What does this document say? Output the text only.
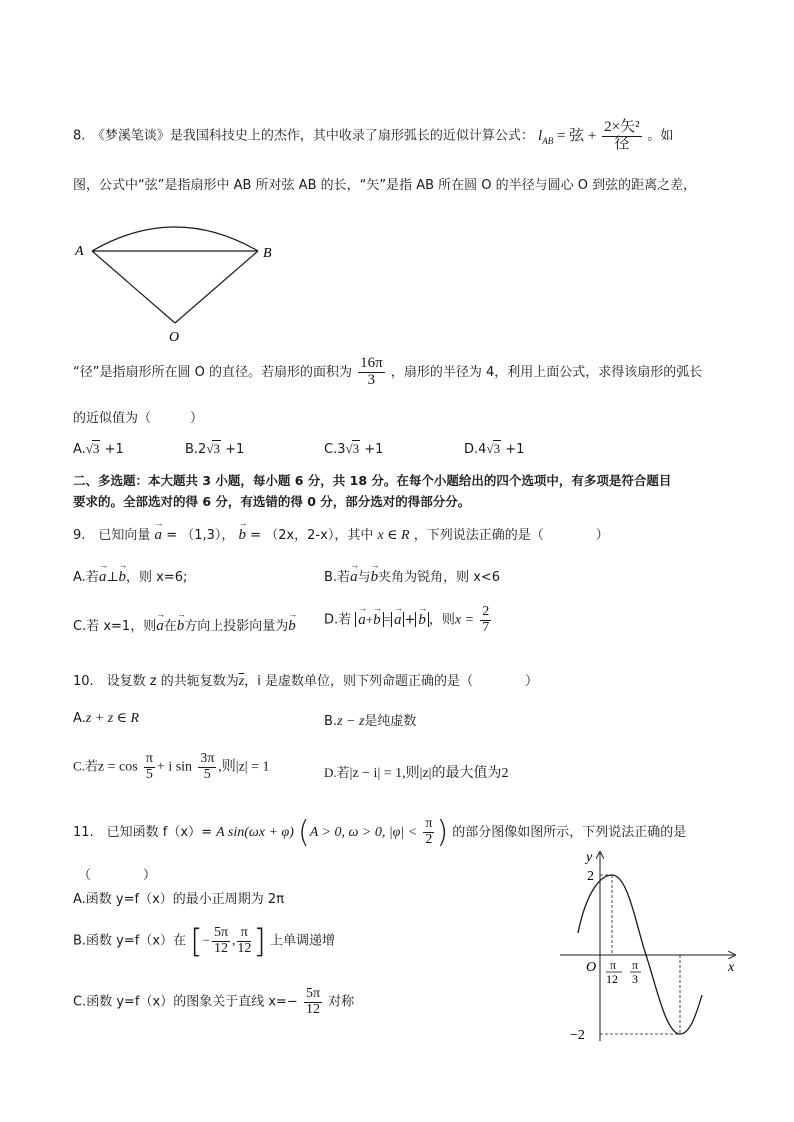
8.　《梦溪笔谈》是我国科技史上的杰作，其中收录了扇形弧长的近似计算公式： $l_{AB}$ = 弦 + $\frac{\text{2×矢²}}{\text{径}}$ 。如
图，公式中“弦”是指扇形中 AB 所对弦 AB 的长，“矢”是指 AB 所在圆 O 的半径与圆心 O 到弦的距离之差，
A	B
O
“径”是指扇形所在圆 O 的直径。若扇形的面积为 $\frac{16\pi}{3}$ ，扇形的半径为 4，利用上面公式，求得该扇形的弧长
的近似值为（　　　）
A.√3 +1	B.2√3 +1	C.3√3 +1	D.4√3 +1
二、多选题：本大题共 3 小题，每小题 6 分，共 18 分。在每个小题给出的四个选项中，有多项是符合题目
要求的。全部选对的得 6 分，有选错的得 0 分，部分选对的得部分分。
9.　已知向量 → a = （1,3）， → b = （2x，2-x），其中 x ∈ R ，下列说法正确的是（　　　　）
A.若→ a⊥→ b，则 x=6;	B.若→ a与→ b夹角为锐角，则 x<6
C.若 x=1，则→ a在→ b方向上投影向量为→ b D.若 → a+→ b = → a + → b ，则$x = \frac{2}{7}$
10.　设复数 z 的共轭复数为$\overline{z}$，i 是虚数单位，则下列命题正确的是（　　　　）
A.z + z ∈ R	B.z − z是纯虚数
C.若$z = \cos \frac{\pi}{5} + i$ $\sin \frac{3\pi}{5}$ ,则|z| = 1	D.若|z − i| = 1,则|z|的最大值为2
11.　已知函数 f（x）= A sin(ωx + φ) (A > 0, ω > 0, $|\varphi| < \frac{\pi}{2}$ ) 的部分图像如图所示，下列说法正确的是
（　　　　）
A.函数 y=f（x）的最小正周期为 2π
B.函数 y=f（x）在 [− $\frac{5\pi}{12}$ , $\frac{\pi}{12}$ ] 上单调递增
C.函数 y=f（x）的图象关于直线 $x=- \frac{5\pi}{12}$ 对称
y
x
O
2
−2
π
12
π
3
